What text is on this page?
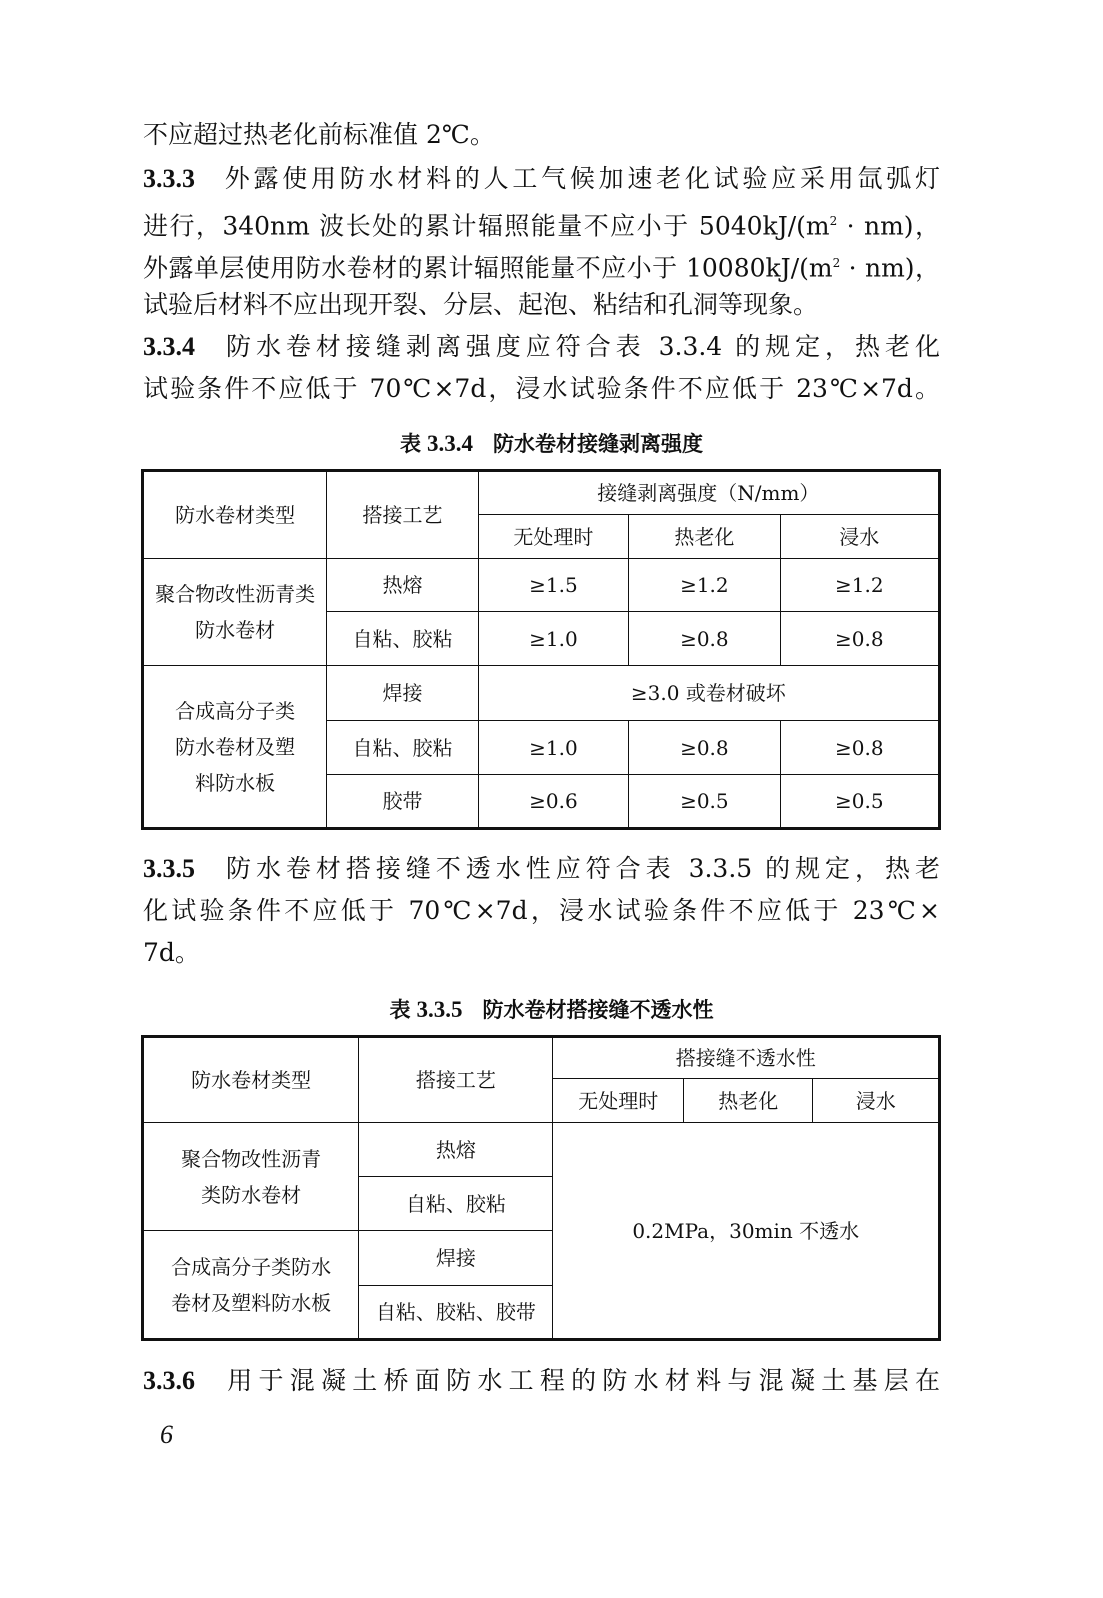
不应超过热老化前标准值 2℃。
3.3.3 外露使用防水材料的人工气候加速老化试验应采用氙弧灯
进行，340nm 波长处的累计辐照能量不应小于 $5040kJ/(m^2 \cdot nm)$，
外露单层使用防水卷材的累计辐照能量不应小于 $10080kJ/(m^2 \cdot nm)$，
试验后材料不应出现开裂、分层、起泡、粘结和孔洞等现象。
3.3.4 防水卷材接缝剥离强度应符合表 3.3.4 的规定，热老化
试验条件不应低于 70℃×7d，浸水试验条件不应低于 23℃×7d。
表 3.3.4 防水卷材接缝剥离强度
防水卷材类型	搭接工艺	接缝剥离强度（N/mm）		
		无处理时	热老化	浸水
聚合物改性沥青类防水卷材	热熔	≥1.5	≥1.2	≥1.2
	自粘、胶粘	≥1.0	≥0.8	≥0.8
合成高分子类防水卷材及塑料防水板	焊接	≥3.0 或卷材破坏		
	自粘、胶粘	≥1.0	≥0.8	≥0.8
	胶带	≥0.6	≥0.5	≥0.5
3.3.5 防水卷材搭接缝不透水性应符合表 3.3.5 的规定，热老
化试验条件不应低于 70℃×7d，浸水试验条件不应低于 23℃×
7d。
表 3.3.5 防水卷材搭接缝不透水性
防水卷材类型	搭接工艺	搭接缝不透水性		
		无处理时	热老化	浸水
聚合物改性沥青类防水卷材	热熔	0.2MPa，30min 不透水		
	自粘、胶粘			
合成高分子类防水卷材及塑料防水板	焊接			
	自粘、胶粘、胶带			
3.3.6 用于混凝土桥面防水工程的防水材料与混凝土基层在
6
